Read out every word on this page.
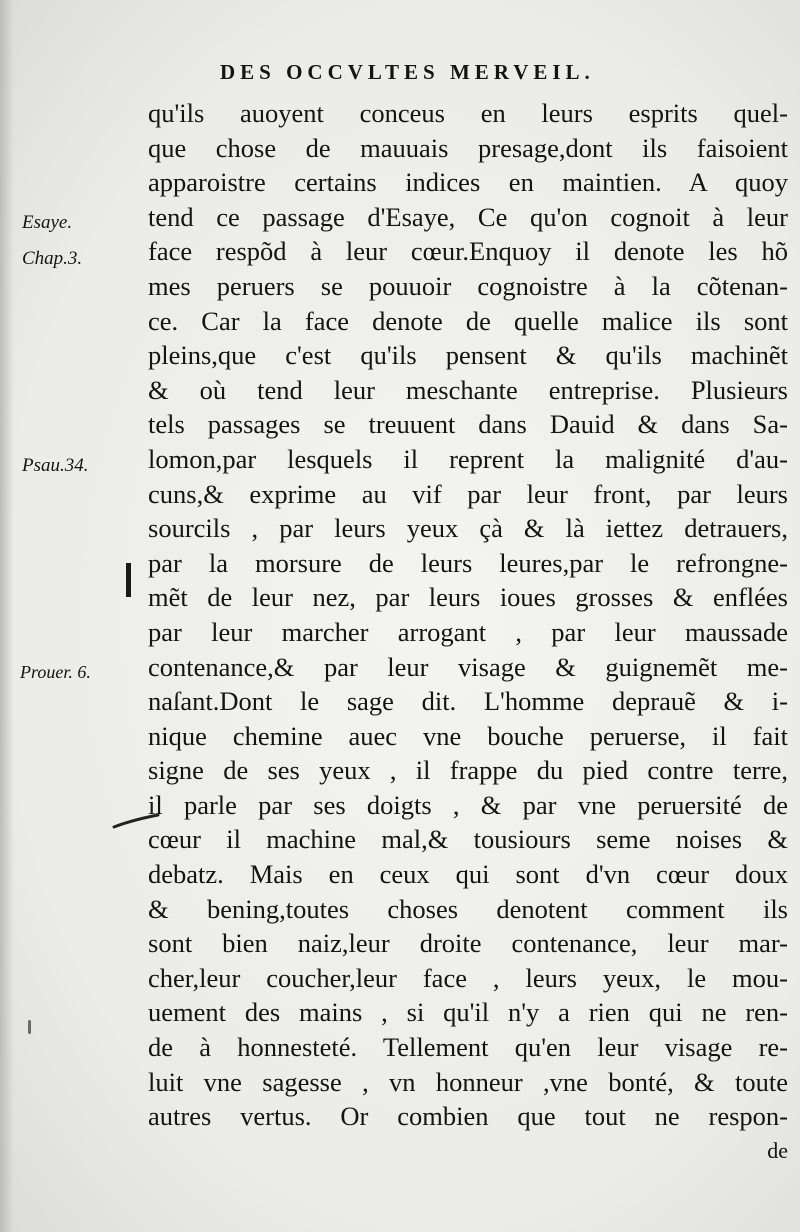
DES OCCVLTES MERVEIL.
Esaye.
Chap.3.
Psau.34.
Prouer. 6.
qu'ils auoyent conceus en leurs esprits quel-
que chose de mauuais presage,dont ils faisoient
apparoistre certains indices en maintien. A quoy
tend ce passage d'Esaye, Ce qu'on cognoit à leur
face respõd à leur cœur.Enquoy il denote les hõ
mes peruers se pouuoir cognoistre à la cõtenan-
ce. Car la face denote de quelle malice ils sont
pleins,que c'est qu'ils pensent & qu'ils machinẽt
& où tend leur meschante entreprise. Plusieurs
tels passages se treuuent dans Dauid & dans Sa-
lomon,par lesquels il reprent la malignité d'au-
cuns,& exprime au vif par leur front, par leurs
sourcils , par leurs yeux çà & là iettez detrauers,
par la morsure de leurs leures,par le refrongne-
mẽt de leur nez, par leurs ioues grosses & enflées
par leur marcher arrogant , par leur maussade
contenance,& par leur visage & guignemẽt me-
naſant.Dont le sage dit. L'homme deprauẽ & i-
nique chemine auec vne bouche peruerse, il fait
signe de ses yeux , il frappe du pied contre terre,
il parle par ses doigts , & par vne peruersité de
cœur il machine mal,& tousiours seme noises &
debatz. Mais en ceux qui sont d'vn cœur doux
& bening,toutes choses denotent comment ils
sont bien naiz,leur droite contenance, leur mar-
cher,leur coucher,leur face , leurs yeux, le mou-
uement des mains , si qu'il n'y a rien qui ne ren-
de à honnesteté. Tellement qu'en leur visage re-
luit vne sagesse , vn honneur ,vne bonté, & toute
autres vertus. Or combien que tout ne respon-
de
